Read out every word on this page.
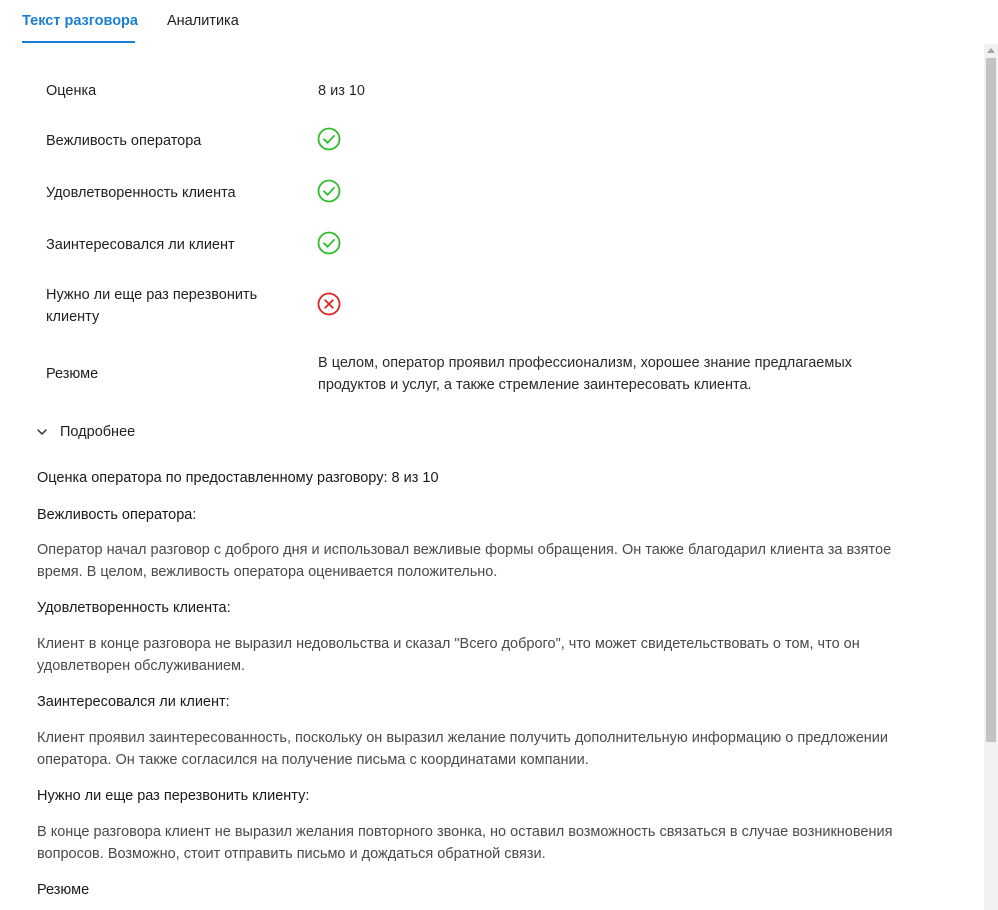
Текст разговора Аналитика
Оценка	8 из 10
Вежливость оператора
Удовлетворенность клиента
Заинтересовался ли клиент
Нужно ли еще раз перезвонить
клиенту
Резюме
В целом, оператор проявил профессионализм, хорошее знание предлагаемых
продуктов и услуг, а также стремление заинтересовать клиента.
Подробнее
Оценка оператора по предоставленному разговору: 8 из 10
Вежливость оператора:
Оператор начал разговор с доброго дня и использовал вежливые формы обращения. Он также благодарил клиента за взятое
время. В целом, вежливость оператора оценивается положительно.
Удовлетворенность клиента:
Клиент в конце разговора не выразил недовольства и сказал "Всего доброго", что может свидетельствовать о том, что он
удовлетворен обслуживанием.
Заинтересовался ли клиент:
Клиент проявил заинтересованность, поскольку он выразил желание получить дополнительную информацию о предложении
оператора. Он также согласился на получение письма с координатами компании.
Нужно ли еще раз перезвонить клиенту:
В конце разговора клиент не выразил желания повторного звонка, но оставил возможность связаться в случае возникновения
вопросов. Возможно, стоит отправить письмо и дождаться обратной связи.
Резюме
